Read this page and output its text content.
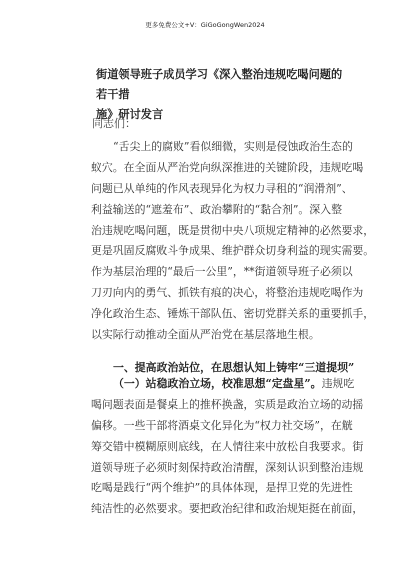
更多免费公文+V：GiGoGongWen2024
街道领导班子成员学习《深入整治违规吃喝问题的若干措

施》研讨发言
同志们：
“舌尖上的腐败”看似细微，实则是侵蚀政治生态的
蚁穴。在全面从严治党向纵深推进的关键阶段，违规吃喝
问题已从单纯的作风表现异化为权力寻租的“润滑剂”、
利益输送的“遮羞布”、政治攀附的“黏合剂”。深入整
治违规吃喝问题，既是贯彻中央八项规定精神的必然要求，
更是巩固反腐败斗争成果、维护群众切身利益的现实需要。
作为基层治理的“最后一公里”，**街道领导班子必须以
刀刃向内的勇气、抓铁有痕的决心，将整治违规吃喝作为
净化政治生态、锤炼干部队伍、密切党群关系的重要抓手，
以实际行动推动全面从严治党在基层落地生根。
一、提高政治站位，在思想认知上铸牢“三道提坝”
（一）站稳政治立场，校准思想“定盘星”。违规吃
喝问题表面是餐桌上的推杯换盏，实质是政治立场的动摇
偏移。一些干部将酒桌文化异化为“权力社交场”，在觥
筹交错中模糊原则底线，在人情往来中放松自我要求。街
道领导班子必须时刻保持政治清醒，深刻认识到整治违规
吃喝是践行“两个维护”的具体体现，是捍卫党的先进性
纯洁性的必然要求。要把政治纪律和政治规矩挺在前面，
